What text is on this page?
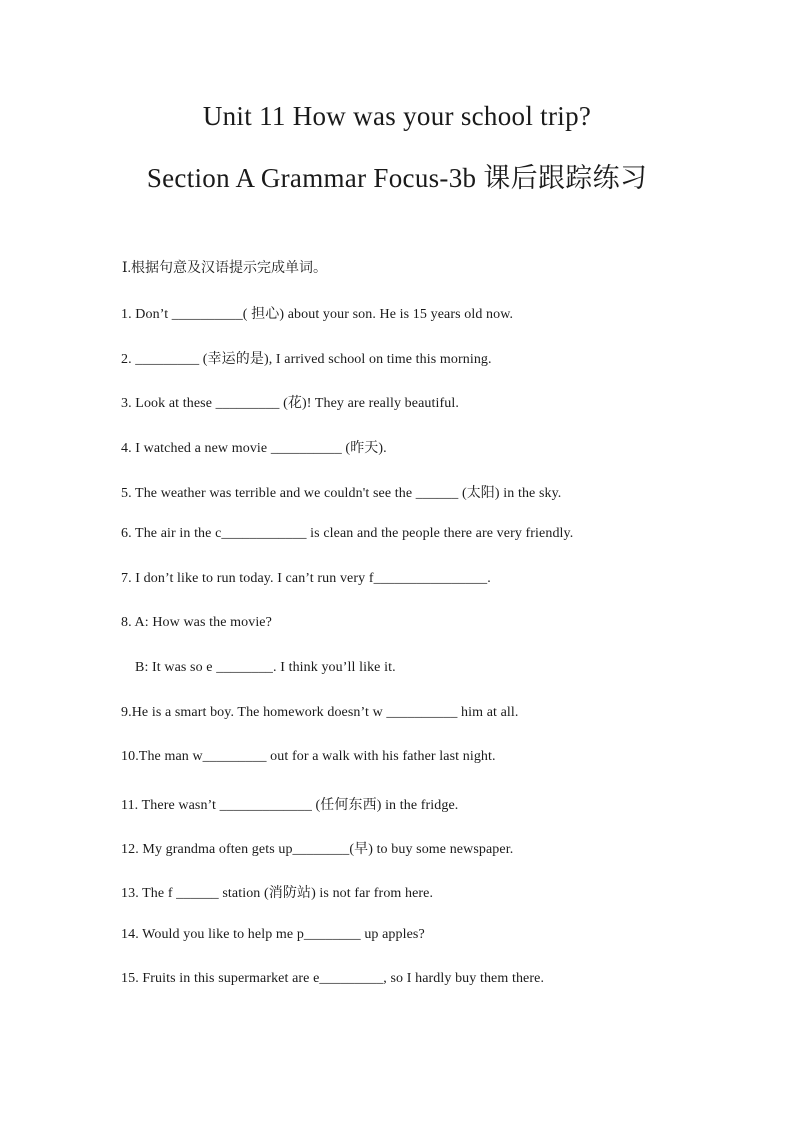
Unit 11 How was your school trip?
Section A Grammar Focus-3b 课后跟踪练习
Ⅰ.根据句意及汉语提示完成单词。
1. Don’t __________( 担心) about your son. He is 15 years old now.
2. _________ (幸运的是), I arrived school on time this morning.
3. Look at these _________ (花)! They are really beautiful.
4. I watched a new movie __________ (昨天).
5. The weather was terrible and we couldn't see the ______ (太阳) in the sky.
6. The air in the c____________ is clean and the people there are very friendly.
7. I don’t like to run today. I can’t run very f________________.
8. A: How was the movie?
B: It was so e ________. I think you’ll like it.
9.He is a smart boy. The homework doesn’t w __________ him at all.
10.The man w_________ out for a walk with his father last night.
11. There wasn’t _____________ (任何东西) in the fridge.
12. My grandma often gets up________(早) to buy some newspaper.
13. The f ______ station (消防站) is not far from here.
14. Would you like to help me p________ up apples?
15. Fruits in this supermarket are e_________, so I hardly buy them there.
